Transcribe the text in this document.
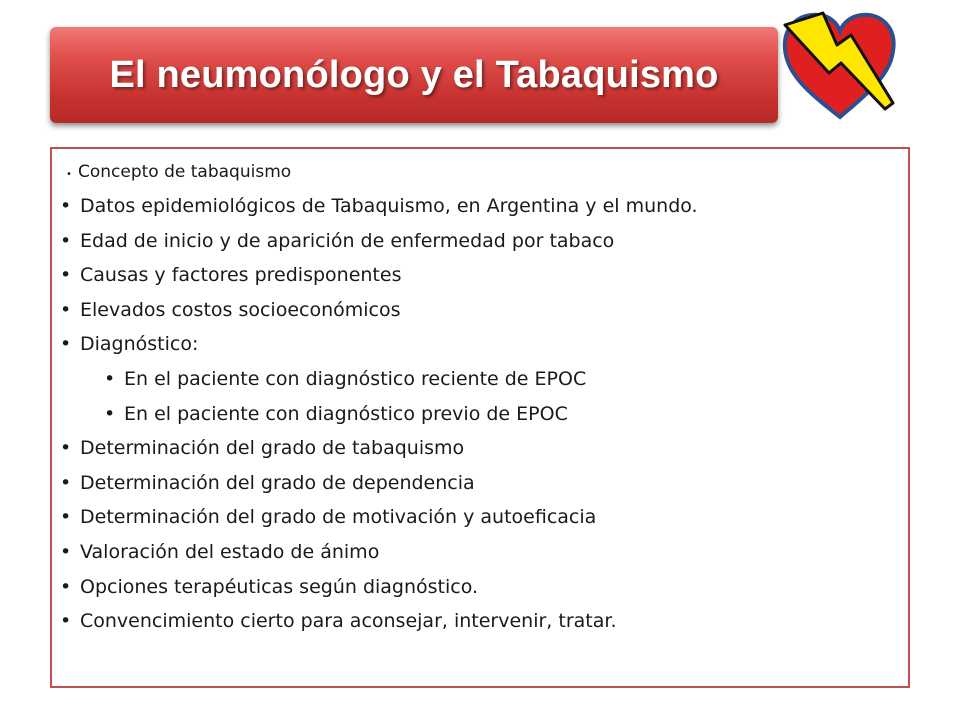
El neumonólogo y el Tabaquismo
• Concepto de tabaquismo
• Datos epidemiológicos de Tabaquismo, en Argentina y el mundo.
• Edad de inicio y de aparición de enfermedad por tabaco
• Causas y factores predisponentes
• Elevados costos socioeconómicos
• Diagnóstico:
• En el paciente con diagnóstico reciente de EPOC
• En el paciente con diagnóstico previo de EPOC
• Determinación del grado de tabaquismo
• Determinación del grado de dependencia
• Determinación del grado de motivación y autoeficacia
• Valoración del estado de ánimo
• Opciones terapéuticas según diagnóstico.
• Convencimiento cierto para aconsejar, intervenir, tratar.
